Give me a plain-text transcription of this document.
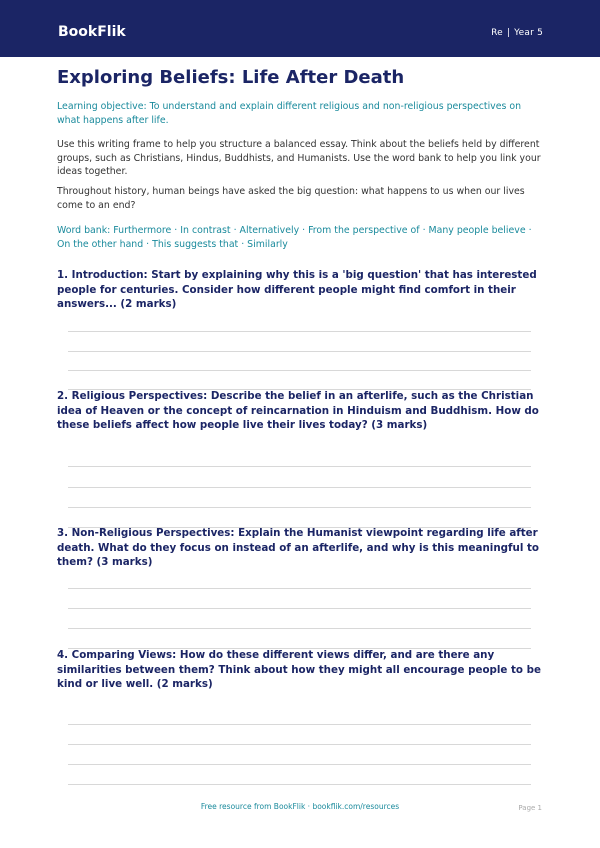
BookFlik	Re | Year 5
Exploring Beliefs: Life After Death

Learning objective: To understand and explain different religious and non-religious perspectives on what happens after life.

Use this writing frame to help you structure a balanced essay. Think about the beliefs held by different groups, such as Christians, Hindus, Buddhists, and Humanists. Use the word bank to help you link your ideas together.

Throughout history, human beings have asked the big question: what happens to us when our lives come to an end?

Word bank: Furthermore · In contrast · Alternatively · From the perspective of · Many people believe · On the other hand · This suggests that · Similarly

1. Introduction: Start by explaining why this is a 'big question' that has interested people for centuries. Consider how different people might find comfort in their answers... (2 marks)

2. Religious Perspectives: Describe the belief in an afterlife, such as the Christian idea of Heaven or the concept of reincarnation in Hinduism and Buddhism. How do these beliefs affect how people live their lives today? (3 marks)

3. Non-Religious Perspectives: Explain the Humanist viewpoint regarding life after death. What do they focus on instead of an afterlife, and why is this meaningful to them? (3 marks)

4. Comparing Views: How do these different views differ, and are there any similarities between them? Think about how they might all encourage people to be kind or live well. (2 marks)

Free resource from BookFlik · bookflik.com/resources	Page 1
